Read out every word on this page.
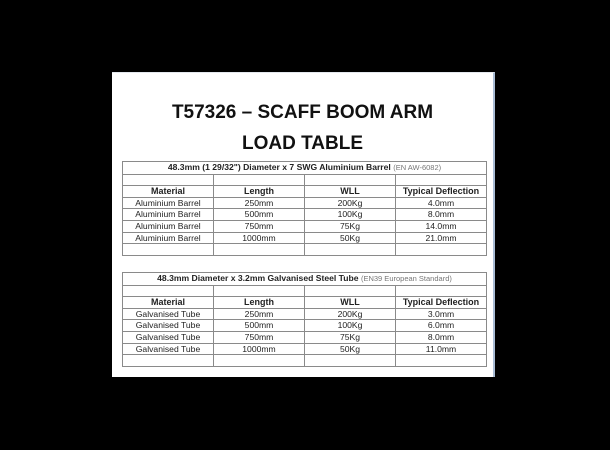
T57326 – SCAFF BOOM ARM
LOAD TABLE
48.3mm (1 29/32") Diameter x 7 SWG Aluminium Barrel (EN AW-6082)			

Material	Length	WLL	Typical Deflection
Aluminium Barrel	250mm	200Kg	4.0mm
Aluminium Barrel	500mm	100Kg	8.0mm
Aluminium Barrel	750mm	75Kg	14.0mm
Aluminium Barrel	1000mm	50Kg	21.0mm

48.3mm Diameter x 3.2mm Galvanised Steel Tube (EN39 European Standard)			

Material	Length	WLL	Typical Deflection
Galvanised Tube	250mm	200Kg	3.0mm
Galvanised Tube	500mm	100Kg	6.0mm
Galvanised Tube	750mm	75Kg	8.0mm
Galvanised Tube	1000mm	50Kg	11.0mm
